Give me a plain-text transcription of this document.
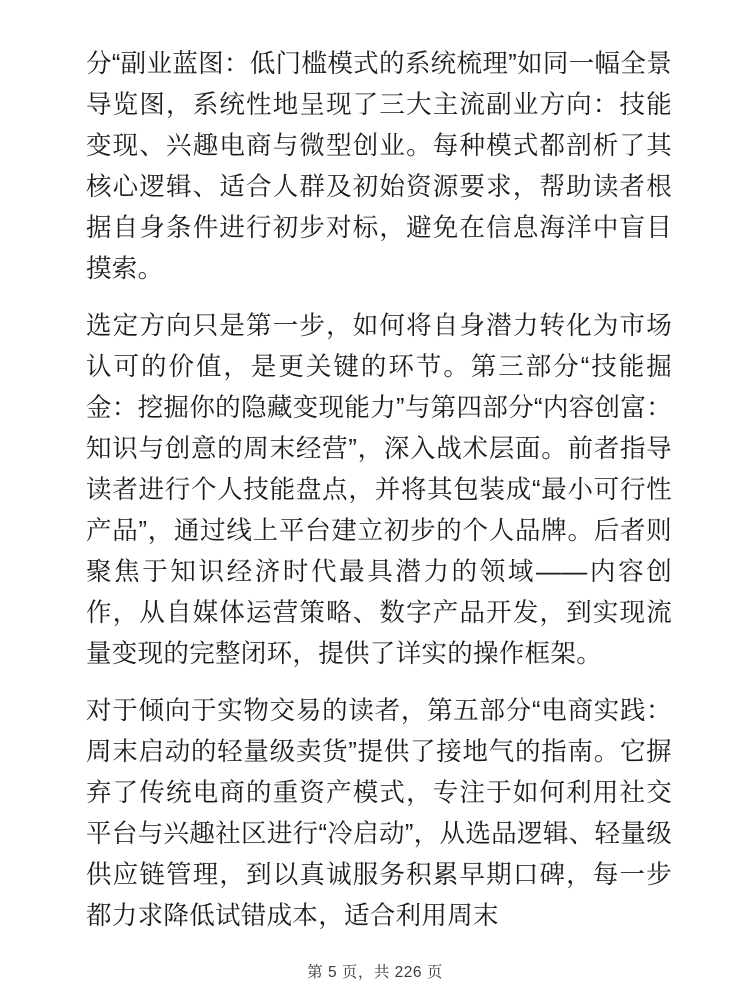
分“副业蓝图：低门槛模式的系统梳理”如同一幅全景导览图，系统性地呈现了三大主流副业方向：技能变现、兴趣电商与微型创业。每种模式都剖析了其核心逻辑、适合人群及初始资源要求，帮助读者根据自身条件进行初步对标，避免在信息海洋中盲目摸索。

选定方向只是第一步，如何将自身潜力转化为市场认可的价值，是更关键的环节。第三部分“技能掘金：挖掘你的隐藏变现能力”与第四部分“内容创富：知识与创意的周末经营”，深入战术层面。前者指导读者进行个人技能盘点，并将其包装成“最小可行性产品”，通过线上平台建立初步的个人品牌。后者则聚焦于知识经济时代最具潜力的领域——内容创作，从自媒体运营策略、数字产品开发，到实现流量变现的完整闭环，提供了详实的操作框架。

对于倾向于实物交易的读者，第五部分“电商实践：周末启动的轻量级卖货”提供了接地气的指南。它摒弃了传统电商的重资产模式，专注于如何利用社交平台与兴趣社区进行“冷启动”，从选品逻辑、轻量级供应链管理，到以真诚服务积累早期口碑，每一步都力求降低试错成本，适合利用周末

第 5 页，共 226 页
